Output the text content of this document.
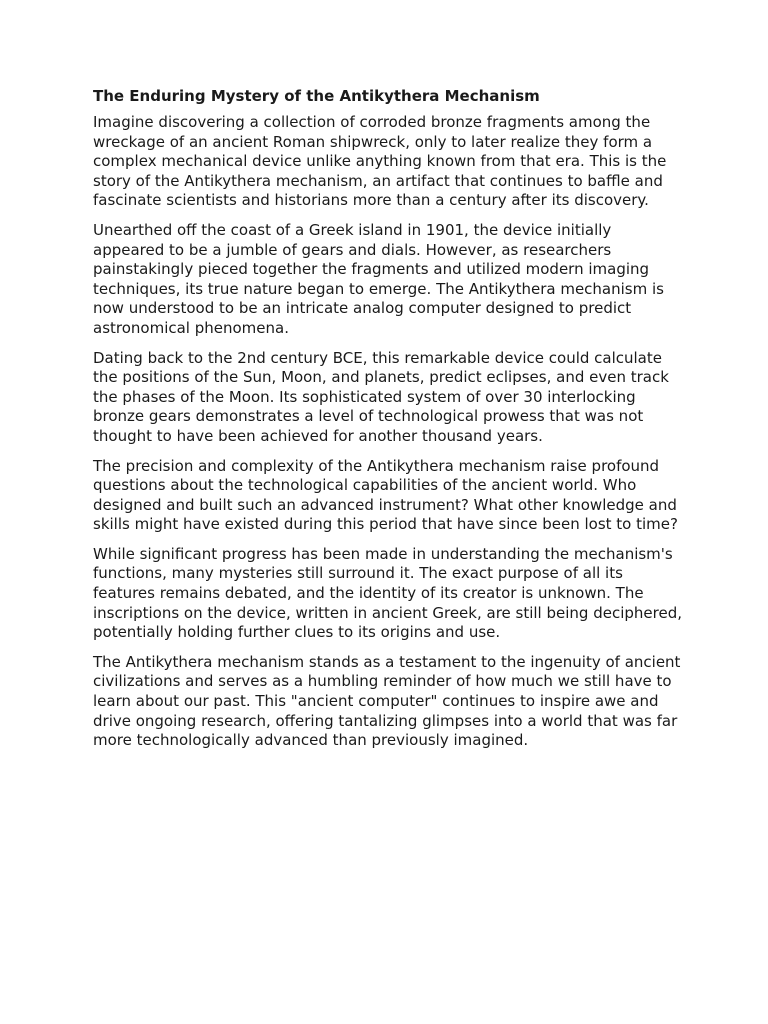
The Enduring Mystery of the Antikythera Mechanism

Imagine discovering a collection of corroded bronze fragments among the wreckage of an ancient Roman shipwreck, only to later realize they form a complex mechanical device unlike anything known from that era. This is the story of the Antikythera mechanism, an artifact that continues to baffle and fascinate scientists and historians more than a century after its discovery.

Unearthed off the coast of a Greek island in 1901, the device initially appeared to be a jumble of gears and dials. However, as researchers painstakingly pieced together the fragments and utilized modern imaging techniques, its true nature began to emerge. The Antikythera mechanism is now understood to be an intricate analog computer designed to predict astronomical phenomena.

Dating back to the 2nd century BCE, this remarkable device could calculate the positions of the Sun, Moon, and planets, predict eclipses, and even track the phases of the Moon. Its sophisticated system of over 30 interlocking bronze gears demonstrates a level of technological prowess that was not thought to have been achieved for another thousand years.

The precision and complexity of the Antikythera mechanism raise profound questions about the technological capabilities of the ancient world. Who designed and built such an advanced instrument? What other knowledge and skills might have existed during this period that have since been lost to time?

While significant progress has been made in understanding the mechanism's functions, many mysteries still surround it. The exact purpose of all its features remains debated, and the identity of its creator is unknown. The inscriptions on the device, written in ancient Greek, are still being deciphered, potentially holding further clues to its origins and use.

The Antikythera mechanism stands as a testament to the ingenuity of ancient civilizations and serves as a humbling reminder of how much we still have to learn about our past. This "ancient computer" continues to inspire awe and drive ongoing research, offering tantalizing glimpses into a world that was far more technologically advanced than previously imagined.
